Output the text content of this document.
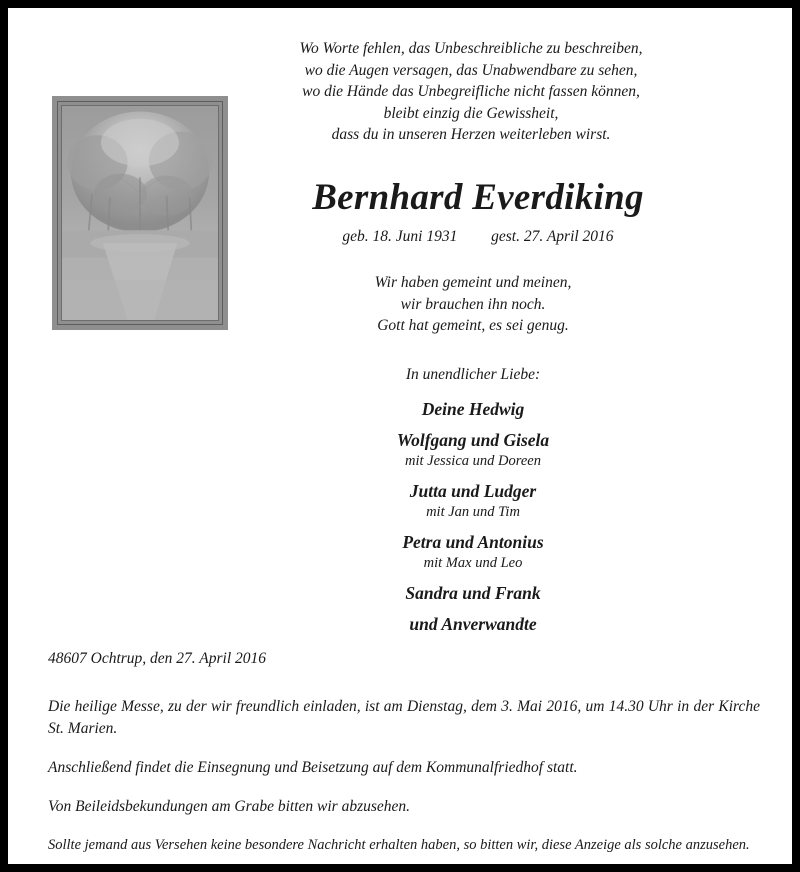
Wo Worte fehlen, das Unbeschreibliche zu beschreiben,
wo die Augen versagen, das Unabwendbare zu sehen,
wo die Hände das Unbegreifliche nicht fassen können,
bleibt einzig die Gewissheit,
dass du in unseren Herzen weiterleben wirst.
Bernhard Everdiking
geb. 18. Juni 1931 gest. 27. April 2016
Wir haben gemeint und meinen,
wir brauchen ihn noch.
Gott hat gemeint, es sei genug.
In unendlicher Liebe:
Deine Hedwig
Wolfgang und Gisela
mit Jessica und Doreen
Jutta und Ludger
mit Jan und Tim
Petra und Antonius
mit Max und Leo
Sandra und Frank
und Anverwandte

48607 Ochtrup, den 27. April 2016

Die heilige Messe, zu der wir freundlich einladen, ist am Dienstag, dem 3. Mai 2016, um 14.30 Uhr in der Kirche St. Marien.

Anschließend findet die Einsegnung und Beisetzung auf dem Kommunalfriedhof statt.

Von Beileidsbekundungen am Grabe bitten wir abzusehen.

Sollte jemand aus Versehen keine besondere Nachricht erhalten haben, so bitten wir, diese Anzeige als solche anzusehen.
